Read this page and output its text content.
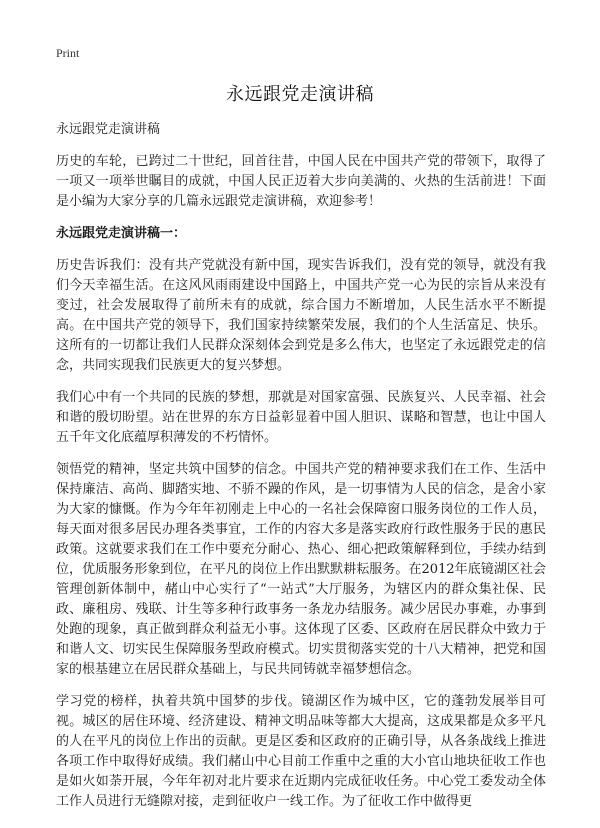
Print
永远跟党走演讲稿

永远跟党走演讲稿

历史的车轮，已跨过二十世纪，回首往昔，中国人民在中国共产党的带领下，取得了一项又一项举世瞩目的成就，中国人民正迈着大步向美满的、火热的生活前进！下面是小编为大家分享的几篇永远跟党走演讲稿，欢迎参考！

永远跟党走演讲稿一：

历史告诉我们：没有共产党就没有新中国，现实告诉我们，没有党的领导，就没有我们今天幸福生活。在这风风雨雨建设中国路上，中国共产党一心为民的宗旨从来没有变过，社会发展取得了前所未有的成就，综合国力不断增加，人民生活水平不断提高。在中国共产党的领导下，我们国家持续繁荣发展，我们的个人生活富足、快乐。这所有的一切都让我们人民群众深刻体会到党是多么伟大，也坚定了永远跟党走的信念，共同实现我们民族更大的复兴梦想。

我们心中有一个共同的民族的梦想，那就是对国家富强、民族复兴、人民幸福、社会和谐的殷切盼望。站在世界的东方日益彰显着中国人胆识、谋略和智慧，也让中国人五千年文化底蕴厚积薄发的不朽情怀。

领悟党的精神，坚定共筑中国梦的信念。中国共产党的精神要求我们在工作、生活中保持廉洁、高尚、脚踏实地、不骄不躁的作风，是一切事情为人民的信念，是舍小家为大家的慷慨。作为今年年初刚走上中心的一名社会保障窗口服务岗位的工作人员，每天面对很多居民办理各类事宜，工作的内容大多是落实政府行政性服务于民的惠民政策。这就要求我们在工作中要充分耐心、热心、细心把政策解释到位，手续办结到位，优质服务形象到位，在平凡的岗位上作出默默耕耘服务。在2012年底镜湖区社会管理创新体制中，赭山中心实行了“一站式”大厅服务，为辖区内的群众集社保、民政、廉租房、残联、计生等多种行政事务一条龙办结服务。减少居民办事难，办事到处跑的现象，真正做到群众利益无小事。这体现了区委、区政府在居民群众中致力于和谐人文、切实民生保障服务型政府模式。切实贯彻落实党的十八大精神，把党和国家的根基建立在居民群众基础上，与民共同铸就幸福梦想信念。

学习党的榜样，执着共筑中国梦的步伐。镜湖区作为城中区，它的蓬勃发展举目可视。城区的居住环境、经济建设、精神文明品味等都大大提高，这成果都是众多平凡的人在平凡的岗位上作出的贡献。更是区委和区政府的正确引导，从各条战线上推进各项工作中取得好成绩。我们赭山中心目前工作重中之重的大小官山地块征收工作也是如火如荼开展，今年年初对北片要求在近期内完成征收任务。中心党工委发动全体工作人员进行无缝隙对接，走到征收户一线工作。为了征收工作中做得更
